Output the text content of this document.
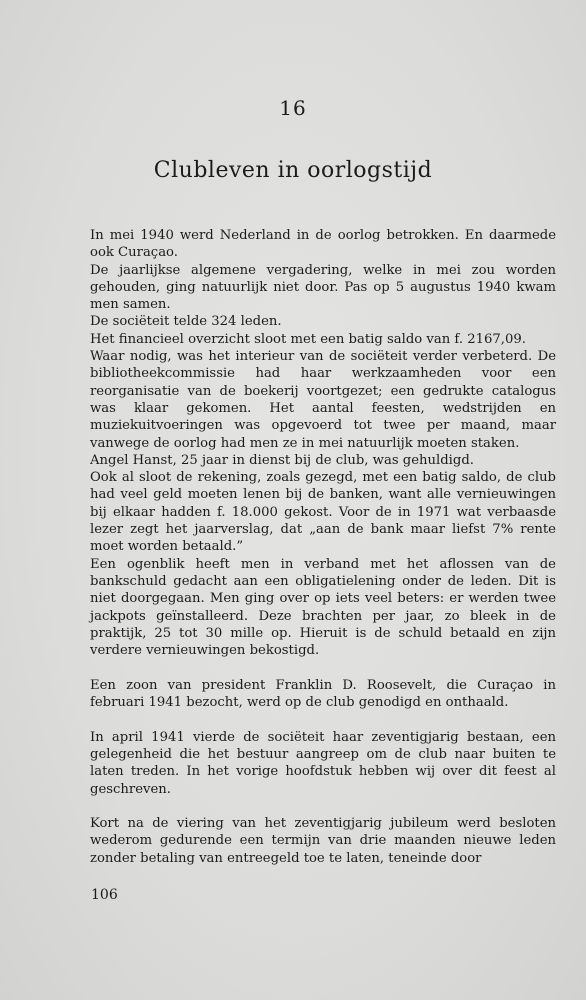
16
Clubleven in oorlogstijd

In mei 1940 werd Nederland in de oorlog betrokken. En daarmede ook Curaçao.

De jaarlijkse algemene vergadering, welke in mei zou worden gehouden, ging natuurlijk niet door. Pas op 5 augustus 1940 kwam men samen.

De sociëteit telde 324 leden.

Het financieel overzicht sloot met een batig saldo van f. 2167,09.

Waar nodig, was het interieur van de sociëteit verder verbeterd. De bibliotheekcommissie had haar werkzaamheden voor een reorganisatie van de boekerij voortgezet; een gedrukte catalogus was klaar gekomen. Het aantal feesten, wedstrijden en muziekuitvoeringen was opgevoerd tot twee per maand, maar vanwege de oorlog had men ze in mei natuurlijk moeten staken.

Angel Hanst, 25 jaar in dienst bij de club, was gehuldigd.

Ook al sloot de rekening, zoals gezegd, met een batig saldo, de club had veel geld moeten lenen bij de banken, want alle vernieuwingen bij elkaar hadden f. 18.000 gekost. Voor de in 1971 wat verbaasde lezer zegt het jaarverslag, dat „aan de bank maar liefst 7% rente moet worden betaald.”

Een ogenblik heeft men in verband met het aflossen van de bankschuld gedacht aan een obligatielening onder de leden. Dit is niet doorgegaan. Men ging over op iets veel beters: er werden twee jackpots geïnstalleerd. Deze brachten per jaar, zo bleek in de praktijk, 25 tot 30 mille op. Hieruit is de schuld betaald en zijn verdere vernieuwingen bekostigd.

Een zoon van president Franklin D. Roosevelt, die Curaçao in februari 1941 bezocht, werd op de club genodigd en onthaald.

In april 1941 vierde de sociëteit haar zeventigjarig bestaan, een gelegenheid die het bestuur aangreep om de club naar buiten te laten treden. In het vorige hoofdstuk hebben wij over dit feest al geschreven.

Kort na de viering van het zeventigjarig jubileum werd besloten wederom gedurende een termijn van drie maanden nieuwe leden zonder betaling van entreegeld toe te laten, teneinde door

106
